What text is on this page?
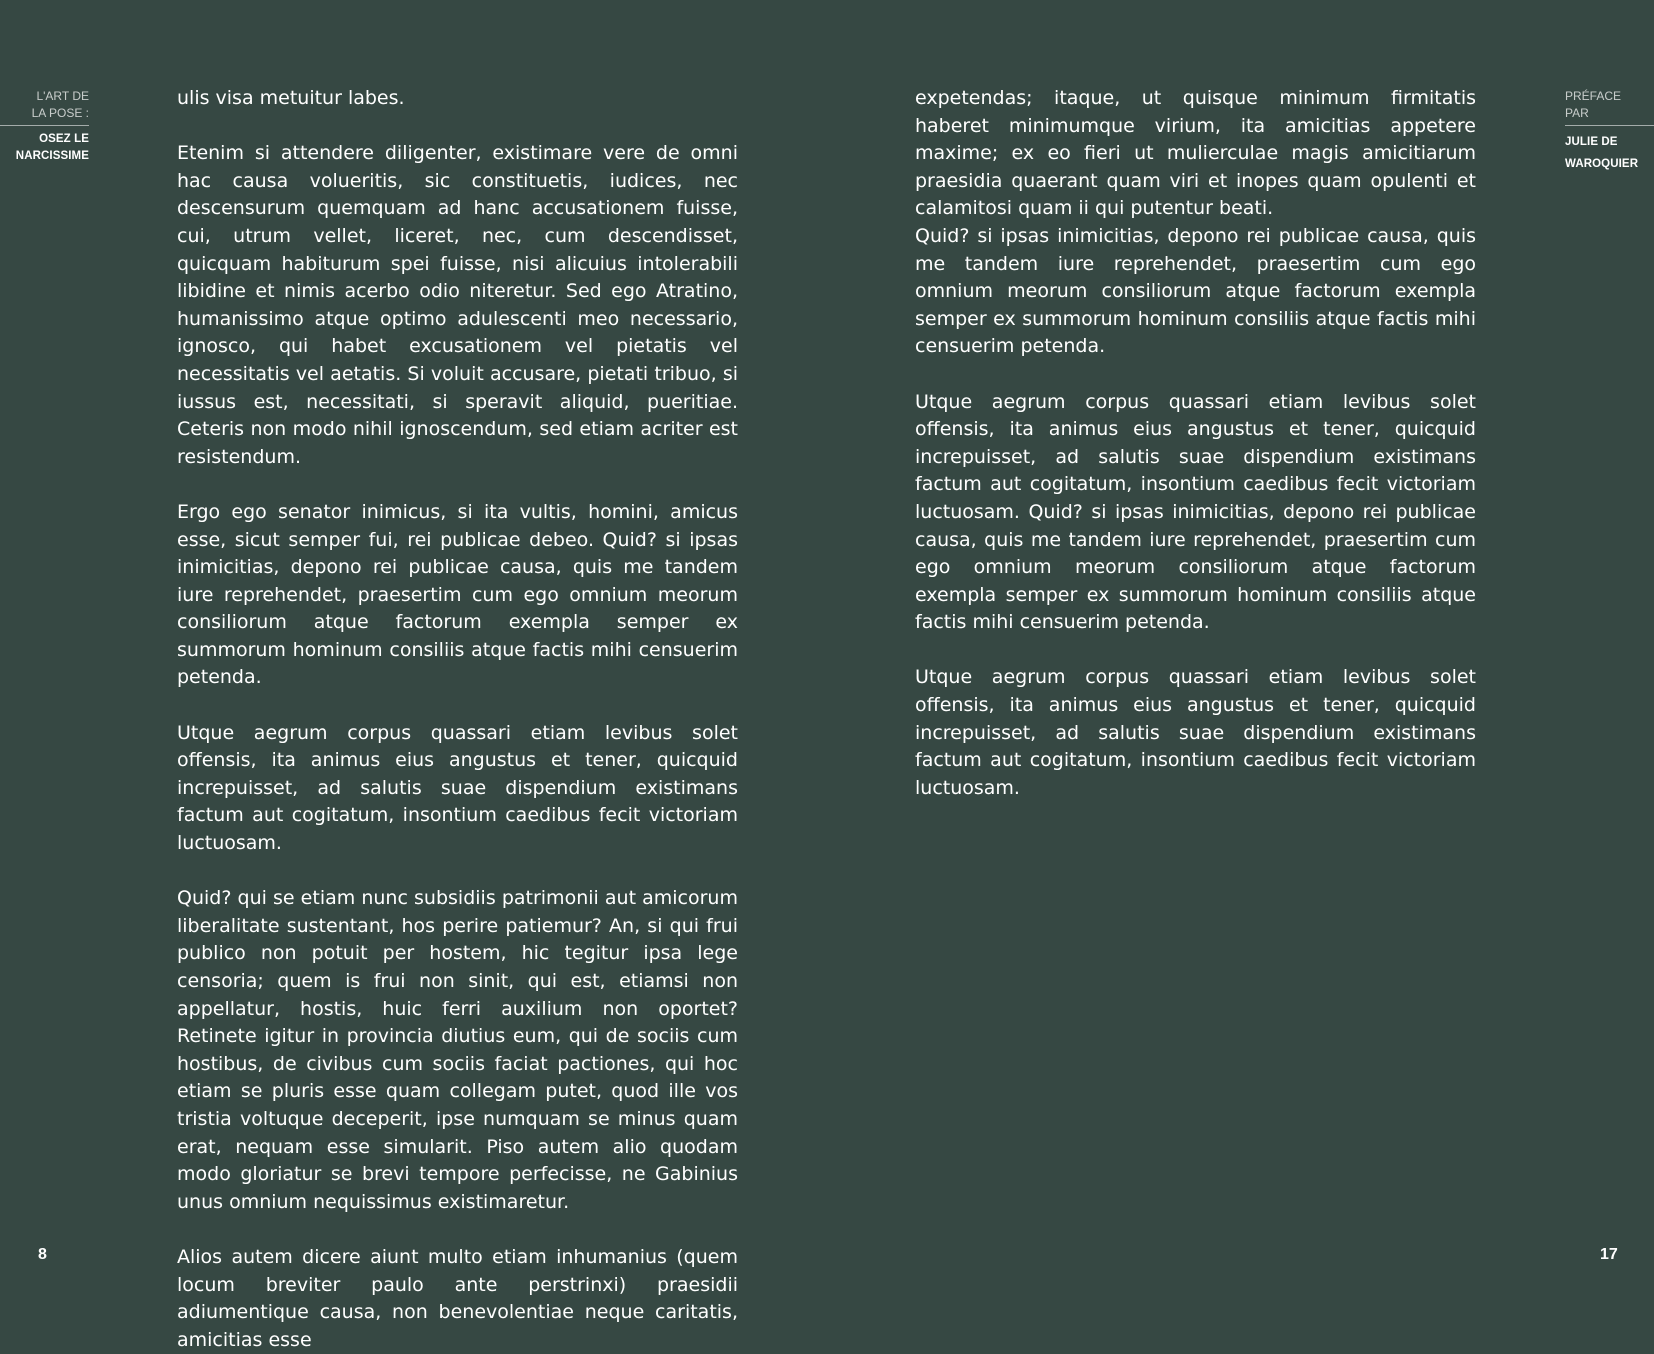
L'ART DE
LA POSE :
OSEZ LE
NARCISSIME

ulis visa metuitur labes.

Etenim si attendere diligenter, existimare vere de omni hac causa volueritis, sic constituetis, iudices, nec descensurum quemquam ad hanc accusationem fuisse, cui, utrum vellet, liceret, nec, cum descendisset, quicquam habiturum spei fuisse, nisi alicuius intolerabili libidine et nimis acerbo odio niteretur. Sed ego Atratino, humanissimo atque optimo adulescenti meo necessario, ignosco, qui habet excusationem vel pietatis vel necessitatis vel aetatis. Si voluit accusare, pietati tribuo, si iussus est, necessitati, si speravit aliquid, pueritiae. Ceteris non modo nihil ignoscendum, sed etiam acriter est resistendum.

Ergo ego senator inimicus, si ita vultis, homini, amicus esse, sicut semper fui, rei publicae debeo. Quid? si ipsas inimicitias, depono rei publicae causa, quis me tandem iure reprehendet, praesertim cum ego omnium meorum consiliorum atque factorum exempla semper ex summorum hominum consiliis atque factis mihi censuerim petenda.

Utque aegrum corpus quassari etiam levibus solet offensis, ita animus eius angustus et tener, quicquid increpuisset, ad salutis suae dispendium existimans factum aut cogitatum, insontium caedibus fecit victoriam luctuosam.

Quid? qui se etiam nunc subsidiis patrimonii aut amicorum liberalitate sustentant, hos perire patiemur? An, si qui frui publico non potuit per hostem, hic tegitur ipsa lege censoria; quem is frui non sinit, qui est, etiamsi non appellatur, hostis, huic ferri auxilium non oportet? Retinete igitur in provincia diutius eum, qui de sociis cum hostibus, de civibus cum sociis faciat pactiones, qui hoc etiam se pluris esse quam collegam putet, quod ille vos tristia voltuque deceperit, ipse numquam se minus quam erat, nequam esse simularit. Piso autem alio quodam modo gloriatur se brevi tempore perfecisse, ne Gabinius unus omnium nequissimus existimaretur.

Alios autem dicere aiunt multo etiam inhumanius (quem locum breviter paulo ante perstrinxi) praesidii adiumentique causa, non benevolentiae neque caritatis, amicitias esse

expetendas; itaque, ut quisque minimum firmitatis haberet minimumque virium, ita amicitias appetere maxime; ex eo fieri ut mulierculae magis amicitiarum praesidia quaerant quam viri et inopes quam opulenti et calamitosi quam ii qui putentur beati.

Quid? si ipsas inimicitias, depono rei publicae causa, quis me tandem iure reprehendet, praesertim cum ego omnium meorum consiliorum atque factorum exempla semper ex summorum hominum consiliis atque factis mihi censuerim petenda.

Utque aegrum corpus quassari etiam levibus solet offensis, ita animus eius angustus et tener, quicquid increpuisset, ad salutis suae dispendium existimans factum aut cogitatum, insontium caedibus fecit victoriam luctuosam. Quid? si ipsas inimicitias, depono rei publicae causa, quis me tandem iure reprehendet, praesertim cum ego omnium meorum consiliorum atque factorum exempla semper ex summorum hominum consiliis atque factis mihi censuerim petenda.

Utque aegrum corpus quassari etiam levibus solet offensis, ita animus eius angustus et tener, quicquid increpuisset, ad salutis suae dispendium existimans factum aut cogitatum, insontium caedibus fecit victoriam luctuosam.

PRÉFACE
PAR
JULIE DE
WAROQUIER
8	17
